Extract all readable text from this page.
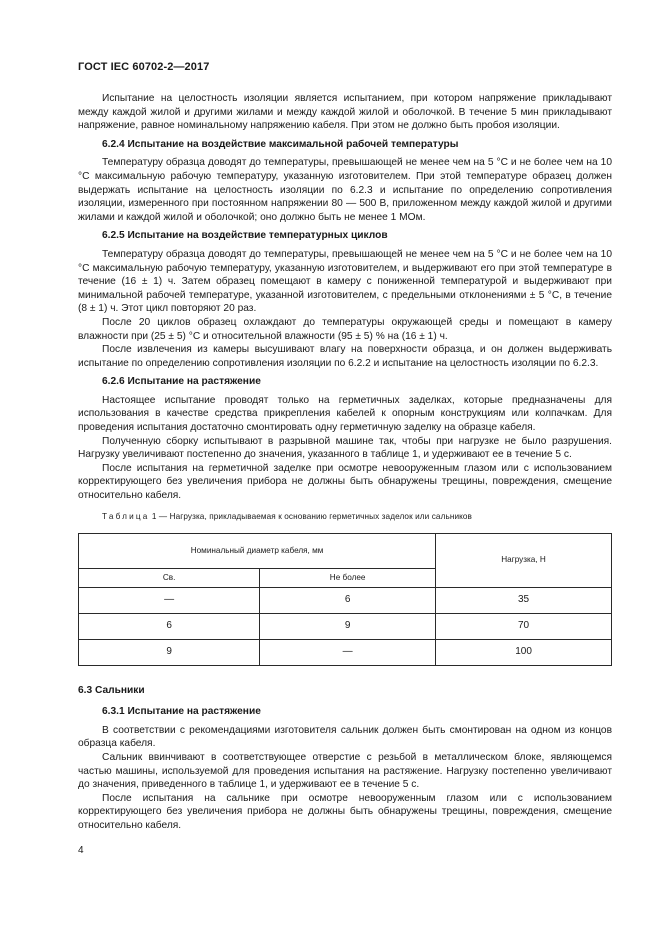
ГОСТ IEC 60702-2—2017

Испытание на целостность изоляции является испытанием, при котором напряжение прикладывают между каждой жилой и другими жилами и между каждой жилой и оболочкой. В течение 5 мин прикладывают напряжение, равное номинальному напряжению кабеля. При этом не должно быть пробоя изоляции.

6.2.4 Испытание на воздействие максимальной рабочей температуры

Температуру образца доводят до температуры, превышающей не менее чем на 5 °С и не более чем на 10 °С максимальную рабочую температуру, указанную изготовителем. При этой температуре образец должен выдержать испытание на целостность изоляции по 6.2.3 и испытание по определению сопротивления изоляции, измеренного при постоянном напряжении 80 — 500 В, приложенном между каждой жилой и другими жилами и каждой жилой и оболочкой; оно должно быть не менее 1 МОм.

6.2.5 Испытание на воздействие температурных циклов

Температуру образца доводят до температуры, превышающей не менее чем на 5 °С и не более чем на 10 °С максимальную рабочую температуру, указанную изготовителем, и выдерживают его при этой температуре в течение (16 ± 1) ч. Затем образец помещают в камеру с пониженной температурой и выдерживают при минимальной рабочей температуре, указанной изготовителем, с предельными отклонениями ± 5 °С, в течение (8 ± 1) ч. Этот цикл повторяют 20 раз.

После 20 циклов образец охлаждают до температуры окружающей среды и помещают в камеру влажности при (25 ± 5) °С и относительной влажности (95 ± 5) % на (16 ± 1) ч.

После извлечения из камеры высушивают влагу на поверхности образца, и он должен выдерживать испытание по определению сопротивления изоляции по 6.2.2 и испытание на целостность изоляции по 6.2.3.

6.2.6 Испытание на растяжение

Настоящее испытание проводят только на герметичных заделках, которые предназначены для использования в качестве средства прикрепления кабелей к опорным конструкциям или колпачкам. Для проведения испытания достаточно смонтировать одну герметичную заделку на образце кабеля.

Полученную сборку испытывают в разрывной машине так, чтобы при нагрузке не было разрушения. Нагрузку увеличивают постепенно до значения, указанного в таблице 1, и удерживают ее в течение 5 с.

После испытания на герметичной заделке при осмотре невооруженным глазом или с использованием корректирующего без увеличения прибора не должны быть обнаружены трещины, повреждения, смещение относительно кабеля.

Таблица 1 — Нагрузка, прикладываемая к основанию герметичных заделок или сальников

Номинальный диаметр кабеля, мм		Нагрузка, Н
Св.	Не более	
—	6	35
6	9	70
9	—	100
6.3 Сальники
6.3.1 Испытание на растяжение

В соответствии с рекомендациями изготовителя сальник должен быть смонтирован на одном из концов образца кабеля.

Сальник ввинчивают в соответствующее отверстие с резьбой в металлическом блоке, являющемся частью машины, используемой для проведения испытания на растяжение. Нагрузку постепенно увеличивают до значения, приведенного в таблице 1, и удерживают ее в течение 5 с.

После испытания на сальнике при осмотре невооруженным глазом или с использованием корректирующего без увеличения прибора не должны быть обнаружены трещины, повреждения, смещение относительно кабеля.

4
